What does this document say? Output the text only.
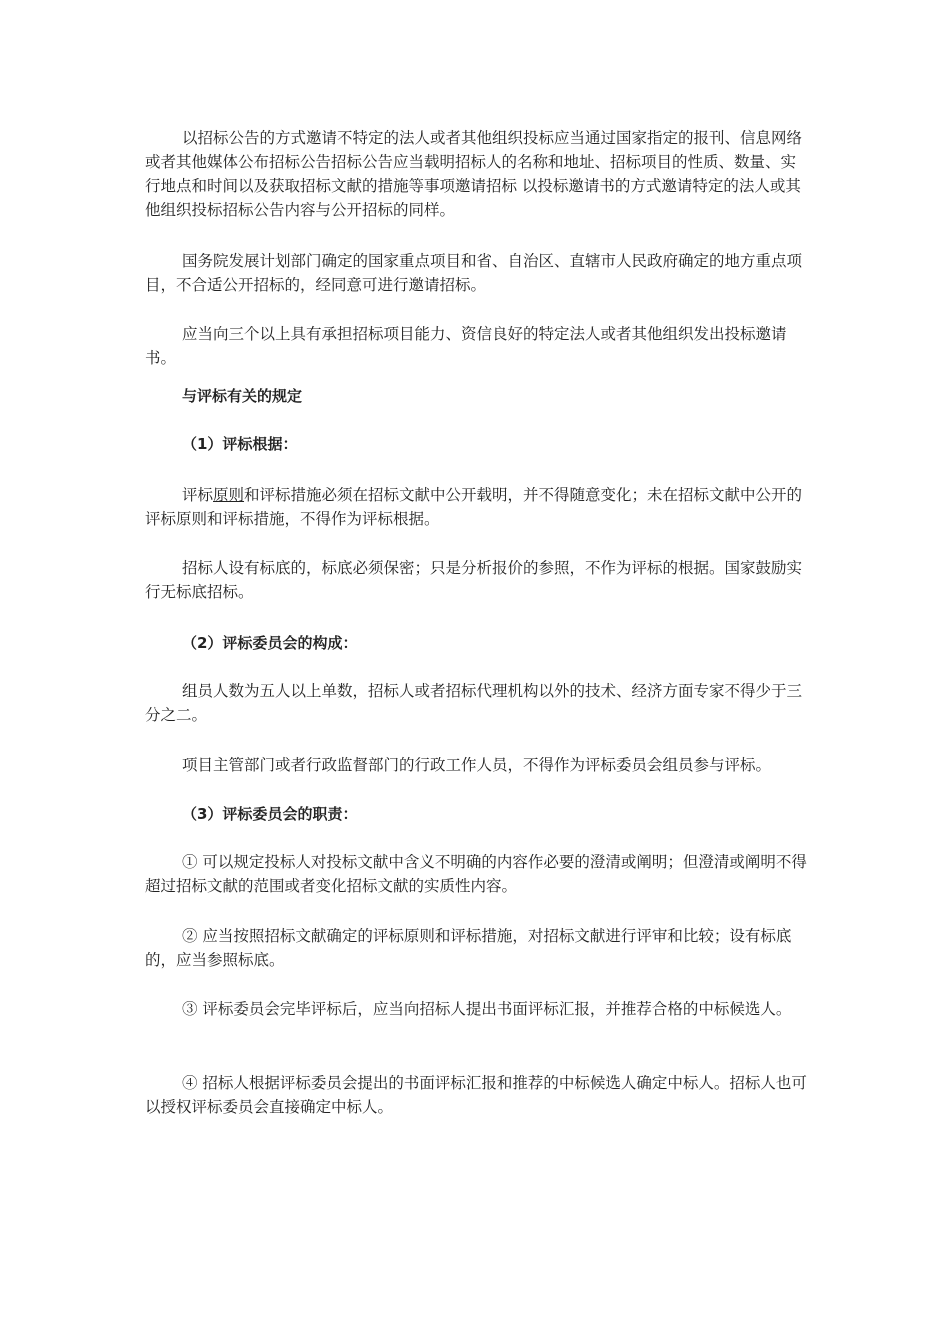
以招标公告的方式邀请不特定的法人或者其他组织投标应当通过国家指定的报刊、信息网络或者其他媒体公布招标公告招标公告应当载明招标人的名称和地址、招标项目的性质、数量、实行地点和时间以及获取招标文献的措施等事项邀请招标 以投标邀请书的方式邀请特定的法人或其他组织投标招标公告内容与公开招标的同样。

国务院发展计划部门确定的国家重点项目和省、自治区、直辖市人民政府确定的地方重点项目，不合适公开招标的，经同意可进行邀请招标。

应当向三个以上具有承担招标项目能力、资信良好的特定法人或者其他组织发出投标邀请书。

与评标有关的规定

（1）评标根据：

评标原则和评标措施必须在招标文献中公开载明，并不得随意变化；未在招标文献中公开的评标原则和评标措施，不得作为评标根据。

招标人设有标底的，标底必须保密；只是分析报价的参照，不作为评标的根据。国家鼓励实行无标底招标。

（2）评标委员会的构成：

组员人数为五人以上单数，招标人或者招标代理机构以外的技术、经济方面专家不得少于三分之二。

项目主管部门或者行政监督部门的行政工作人员，不得作为评标委员会组员参与评标。

（3）评标委员会的职责：

① 可以规定投标人对投标文献中含义不明确的内容作必要的澄清或阐明；但澄清或阐明不得超过招标文献的范围或者变化招标文献的实质性内容。

② 应当按照招标文献确定的评标原则和评标措施，对招标文献进行评审和比较；设有标底的，应当参照标底。

③ 评标委员会完毕评标后，应当向招标人提出书面评标汇报，并推荐合格的中标候选人。

④ 招标人根据评标委员会提出的书面评标汇报和推荐的中标候选人确定中标人。招标人也可以授权评标委员会直接确定中标人。
